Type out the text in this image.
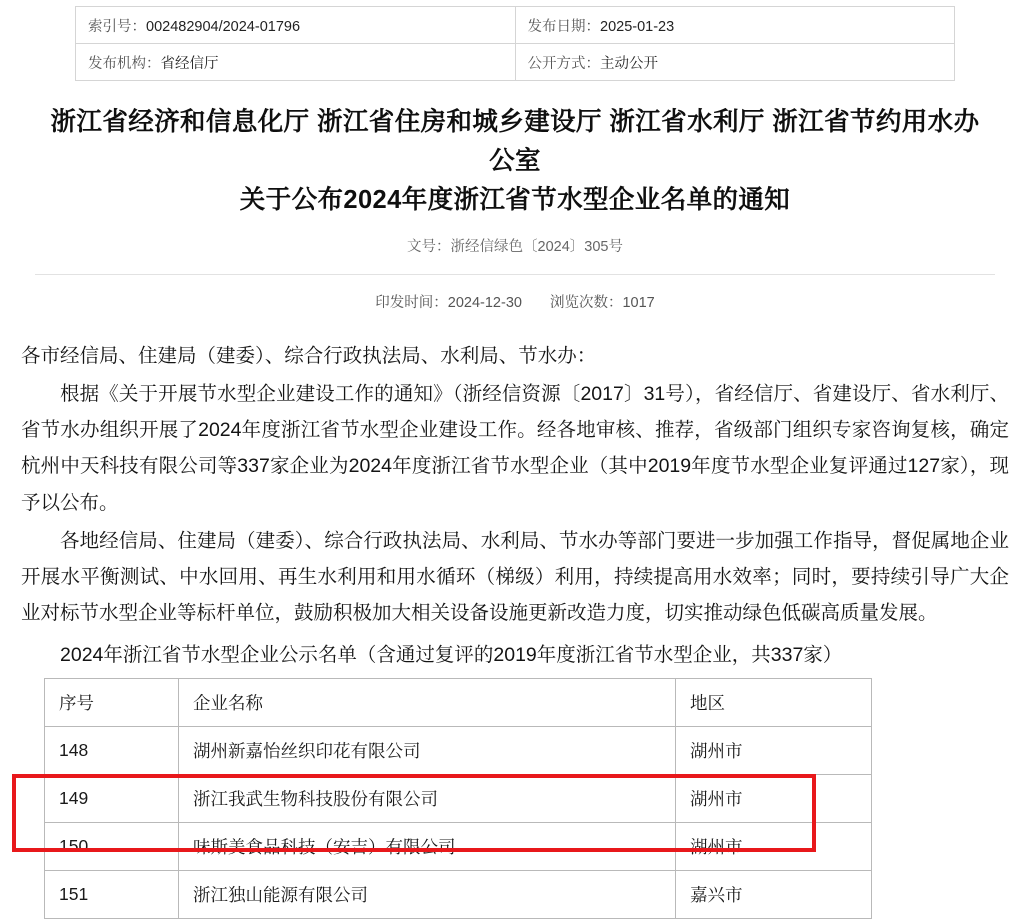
索引号：002482904/2024-01796	发布日期：2025-01-23
发布机构：省经信厅	公开方式：主动公开
浙江省经济和信息化厅 浙江省住房和城乡建设厅 浙江省水利厅 浙江省节约用水办公室
关于公布2024年度浙江省节水型企业名单的通知
文号：浙经信绿色〔2024〕305号
印发时间：2024-12-30 浏览次数：1017

各市经信局、住建局（建委）、综合行政执法局、水利局、节水办：

根据《关于开展节水型企业建设工作的通知》（浙经信资源〔2017〕31号），省经信厅、省建设厅、省水利厅、省节水办组织开展了2024年度浙江省节水型企业建设工作。经各地审核、推荐，省级部门组织专家咨询复核，确定杭州中天科技有限公司等337家企业为2024年度浙江省节水型企业（其中2019年度节水型企业复评通过127家），现予以公布。

各地经信局、住建局（建委）、综合行政执法局、水利局、节水办等部门要进一步加强工作指导，督促属地企业开展水平衡测试、中水回用、再生水利用和用水循环（梯级）利用，持续提高用水效率；同时，要持续引导广大企业对标节水型企业等标杆单位，鼓励积极加大相关设备设施更新改造力度，切实推动绿色低碳高质量发展。

2024年浙江省节水型企业公示名单（含通过复评的2019年度浙江省节水型企业，共337家）
序号	企业名称	地区
148	湖州新嘉怡丝织印花有限公司	湖州市
149	浙江我武生物科技股份有限公司	湖州市
150	味斯美食品科技（安吉）有限公司	湖州市
151	浙江独山能源有限公司	嘉兴市
